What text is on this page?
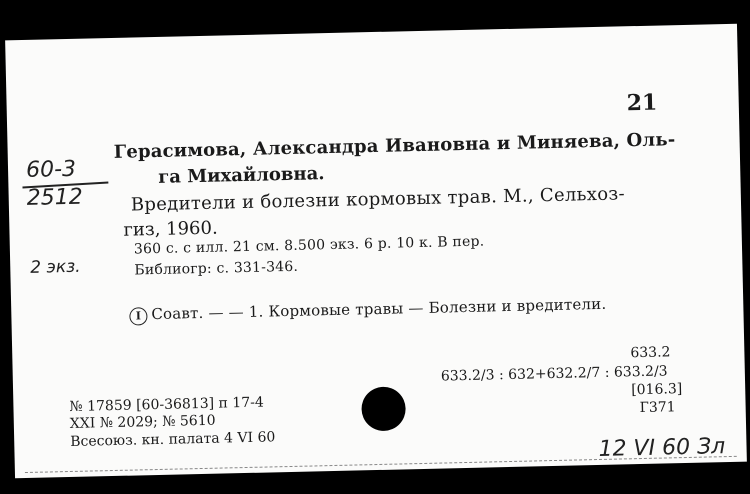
21
60-3
2512
Герасимова, Александра Ивановна и Миняева, Оль-
га Михайловна.
Вредители и болезни кормовых трав. М., Сельхоз-
гиз, 1960.
2 экз.
360 с. с илл. 21 см. 8.500 экз. 6 р. 10 к. В пер.
Библиогр: с. 331-346.
I Соавт. — — 1. Кормовые травы — Болезни и вредители.
633.2
633.2/3 : 632+632.2/7 : 633.2/3
[016.3]
Г371
№ 17859 [60-36813] п 17-4
XXI № 2029; № 5610
Всесоюз. кн. палата 4 VI 60	12 VI 60 Зл
